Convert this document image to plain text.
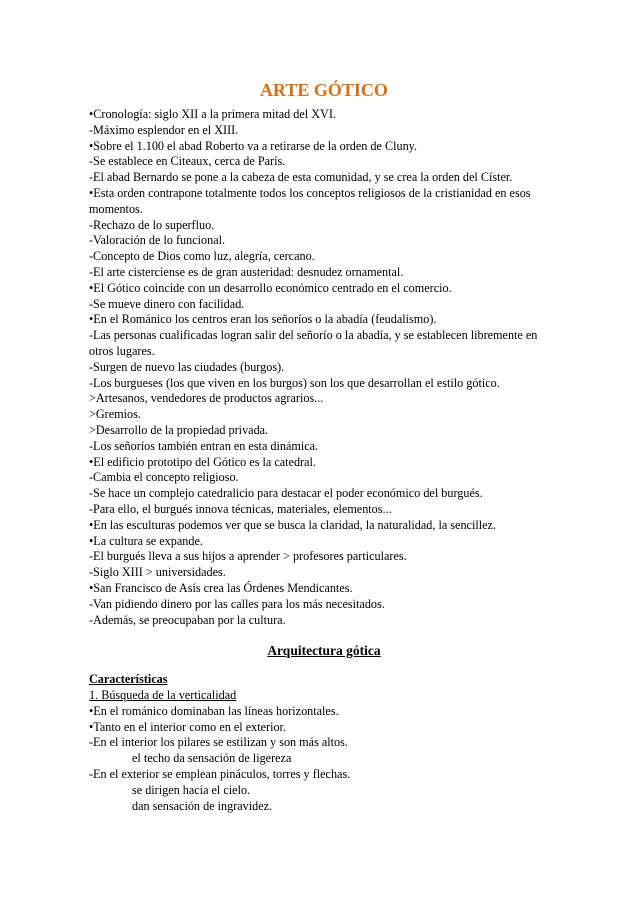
ARTE GÓTICO

•Cronología: siglo XII a la primera mitad del XVI.

-Máximo esplendor en el XIII.

•Sobre el 1.100 el abad Roberto va a retirarse de la orden de Cluny.

-Se establece en Citeaux, cerca de París.

-El abad Bernardo se pone a la cabeza de esta comunidad, y se crea la orden del Císter.

•Esta orden contrapone totalmente todos los conceptos religiosos de la cristianidad en esos momentos.

-Rechazo de lo superfluo.

-Valoración de lo funcional.

-Concepto de Dios como luz, alegría, cercano.

-El arte cisterciense es de gran austeridad: desnudez ornamental.

•El Gótico coincide con un desarrollo económico centrado en el comercio.

-Se mueve dinero con facilidad.

•En el Románico los centros eran los señoríos o la abadía (feudalismo).

-Las personas cualificadas logran salir del señorío o la abadía, y se establecen libremente en otros lugares.

-Surgen de nuevo las ciudades (burgos).

-Los burgueses (los que viven en los burgos) son los que desarrollan el estilo gótico.

>Artesanos, vendedores de productos agrarios...

>Gremios.

>Desarrollo de la propiedad privada.

-Los señoríos también entran en esta dinámica.

•El edificio prototipo del Gótico es la catedral.

-Cambia el concepto religioso.

-Se hace un complejo catedralicio para destacar el poder económico del burgués.

-Para ello, el burgués innova técnicas, materiales, elementos...

•En las esculturas podemos ver que se busca la claridad, la naturalidad, la sencillez.

•La cultura se expande.

-El burgués lleva a sus hijos a aprender > profesores particulares.

-Siglo XIII > universidades.

•San Francisco de Asís crea las Órdenes Mendicantes.

-Van pidiendo dinero por las calles para los más necesitados.

-Además, se preocupaban por la cultura.

Arquitectura gótica

Características

1. Búsqueda de la verticalidad

•En el románico dominaban las líneas horizontales.

•Tanto en el interior como en el exterior.

-En el interior los pilares se estilizan y son más altos.

el techo da sensación de ligereza

-En el exterior se emplean pináculos, torres y flechas.

se dirigen hacia el cielo.

dan sensación de ingravidez.
